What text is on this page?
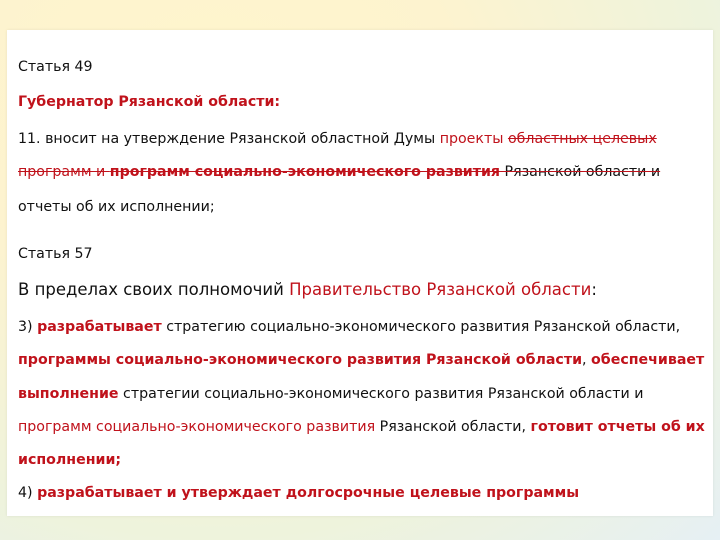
Статья 49

Губернатор Рязанской области:

11. вносит на утверждение Рязанской областной Думы проекты областных целевых

программ и программ социально-экономического развития Рязанской области и

отчеты об их исполнении;

Статья 57

В пределах своих полномочий Правительство Рязанской области:

3) разрабатывает стратегию социально-экономического развития Рязанской области,

программы социально-экономического развития Рязанской области, обеспечивает

выполнение стратегии социально-экономического развития Рязанской области и

программ социально-экономического развития Рязанской области, готовит отчеты об их

исполнении;

4) разрабатывает и утверждает долгосрочные целевые программы
